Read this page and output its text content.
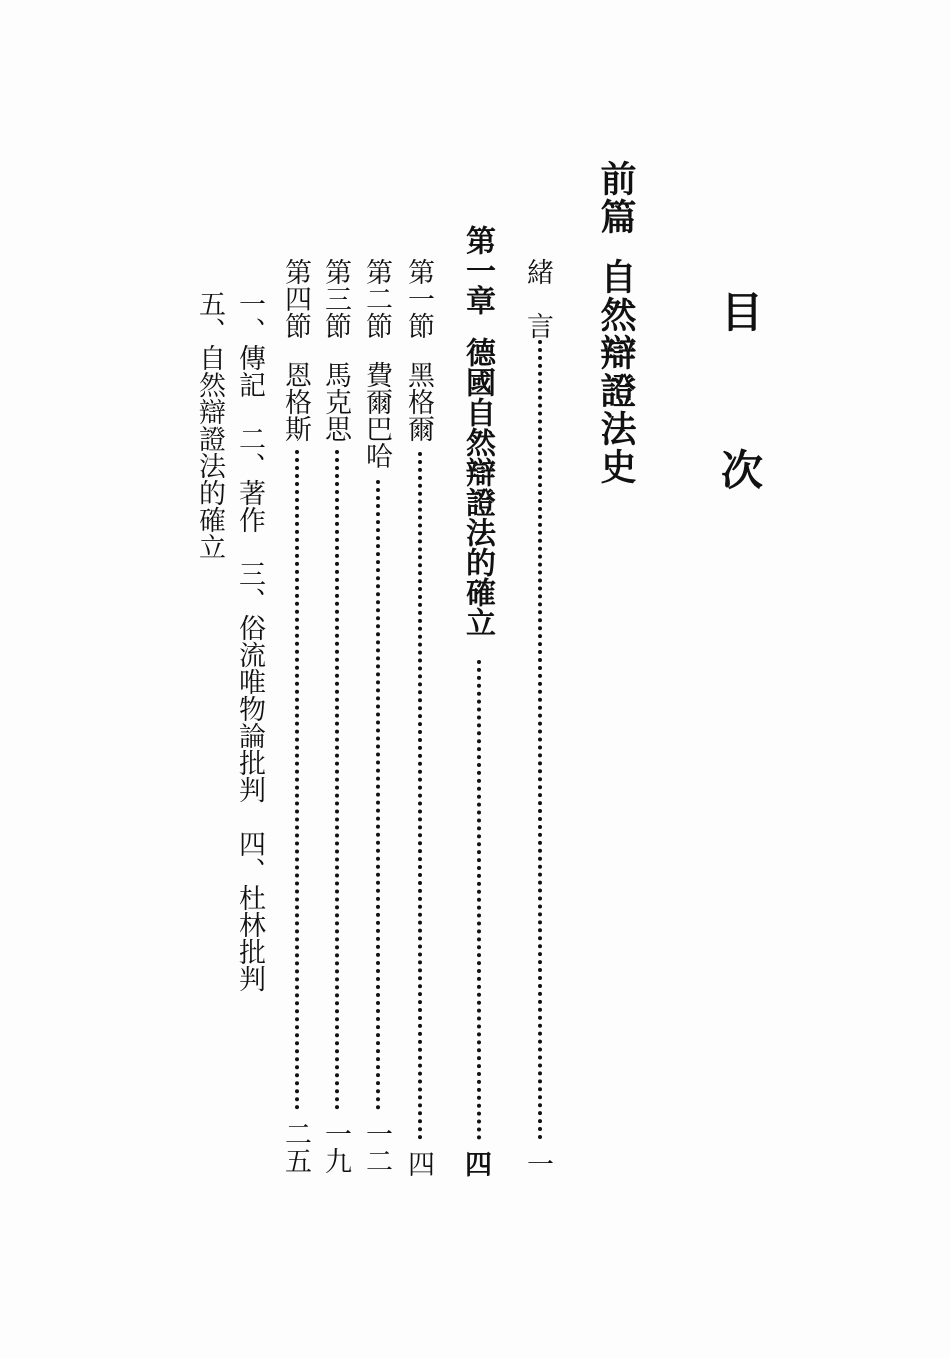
目
次
前篇自然辯證法史
緒　言
一
第一章德國自然辯證法的確立
四
第一節黑格爾
四
第二節費爾巴哈
一二
第三節馬克思
一九
第四節恩格斯
二五
一、傳記　二、著作　三、俗流唯物論批判　四、杜林批判
五、自然辯證法的確立
